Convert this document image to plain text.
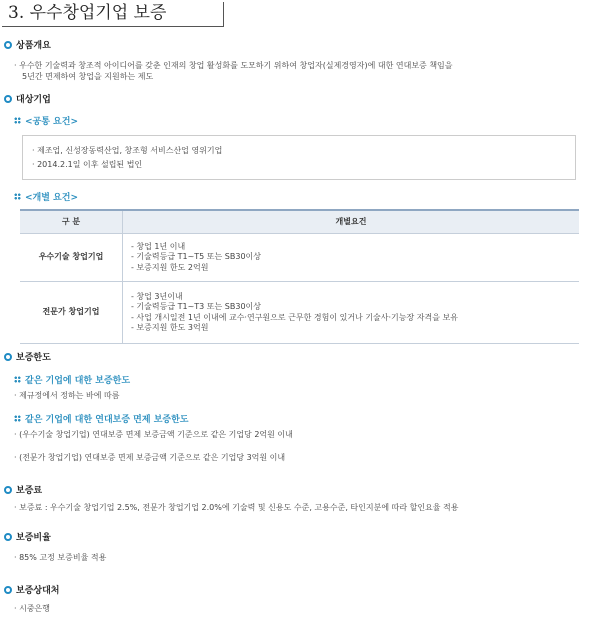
3. 우수창업기업 보증
상품개요
· 우수한 기술력과 창조적 아이디어를 갖춘 인재의 창업 활성화를 도모하기 위하여 창업자(실제경영자)에 대한 연대보증 책임을
5년간 면제하여 창업을 지원하는 제도
대상기업
<공통 요건>
· 제조업, 신성장동력산업, 창조형 서비스산업 영위기업
· 2014.2.1일 이후 설립된 법인
<개별 요건>
구 분	개별요건
우수기술 창업기업	- 창업 1년 이내
- 기술력등급 T1~T5 또는 SB30이상
- 보증지원 한도 2억원

전문가 창업기업	- 창업 3년이내
- 기술력등급 T1~T3 또는 SB30이상
- 사업 개시일전 1년 이내에 교수·연구원으로 근무한 경험이 있거나 기술사·기능장 자격을 보유
- 보증지원 한도 3억원
보증한도
같은 기업에 대한 보증한도
· 제규정에서 정하는 바에 따름
같은 기업에 대한 연대보증 면제 보증한도
· (우수기술 창업기업) 연대보증 면제 보증금액 기준으로 같은 기업당 2억원 이내
· (전문가 창업기업) 연대보증 면제 보증금액 기준으로 같은 기업당 3억원 이내
보증료
· 보증료 : 우수기술 창업기업 2.5%, 전문가 창업기업 2.0%에 기술력 및 신용도 수준, 고용수준, 타인지분에 따라 할인요율 적용
보증비율
· 85% 고정 보증비율 적용
보증상대처
· 시중은행
